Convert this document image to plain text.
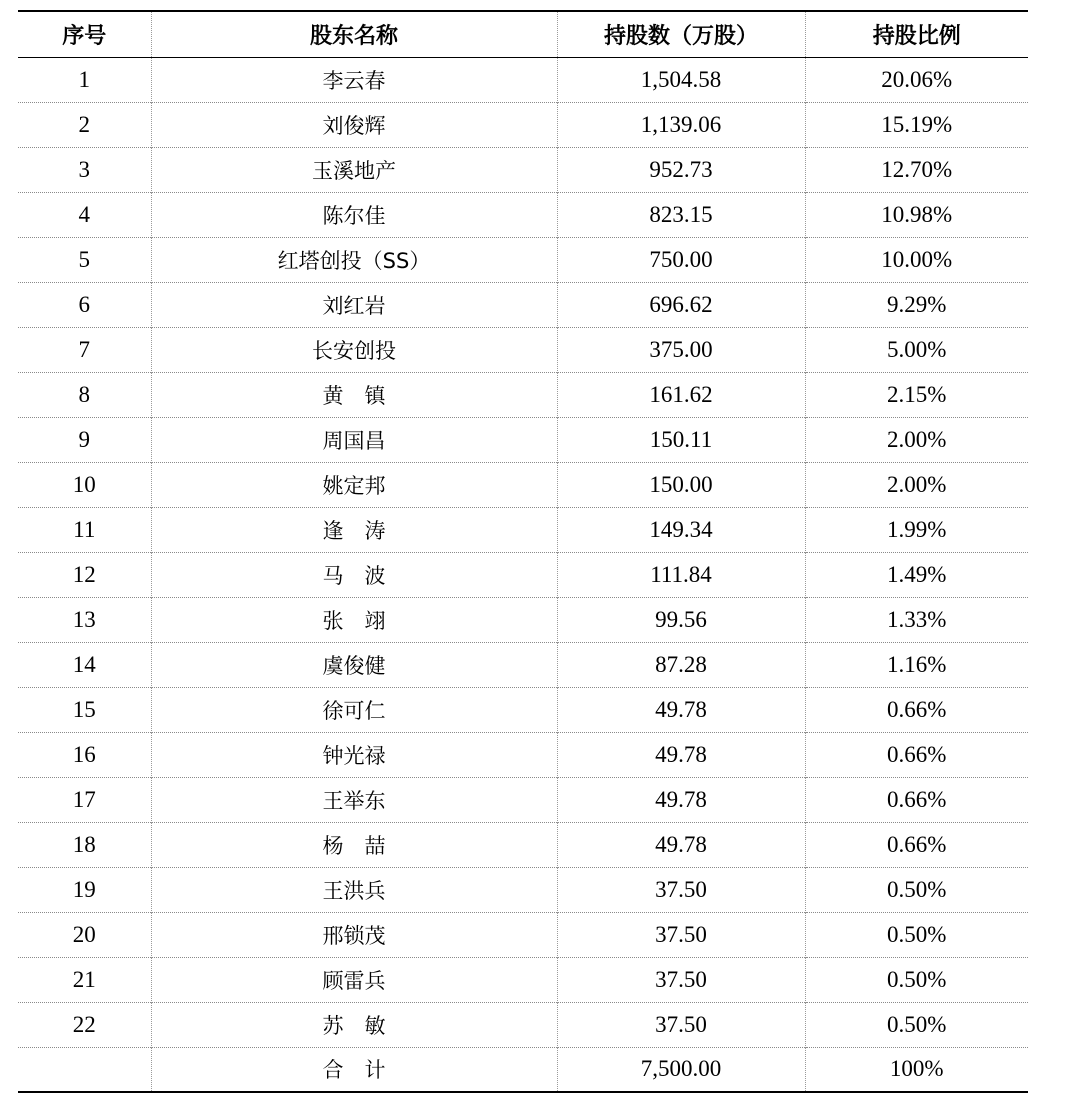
序号	股东名称	持股数（万股）	持股比例
1	李云春	1,504.58	20.06%
2	刘俊辉	1,139.06	15.19%
3	玉溪地产	952.73	12.70%
4	陈尔佳	823.15	10.98%
5	红塔创投（SS）	750.00	10.00%
6	刘红岩	696.62	9.29%
7	长安创投	375.00	5.00%
8	黄　镇	161.62	2.15%
9	周国昌	150.11	2.00%
10	姚定邦	150.00	2.00%
11	逢　涛	149.34	1.99%
12	马　波	111.84	1.49%
13	张　翊	99.56	1.33%
14	虞俊健	87.28	1.16%
15	徐可仁	49.78	0.66%
16	钟光禄	49.78	0.66%
17	王举东	49.78	0.66%
18	杨　喆	49.78	0.66%
19	王洪兵	37.50	0.50%
20	邢锁茂	37.50	0.50%
21	顾雷兵	37.50	0.50%
22	苏　敏	37.50	0.50%
	合　计	7,500.00	100%
